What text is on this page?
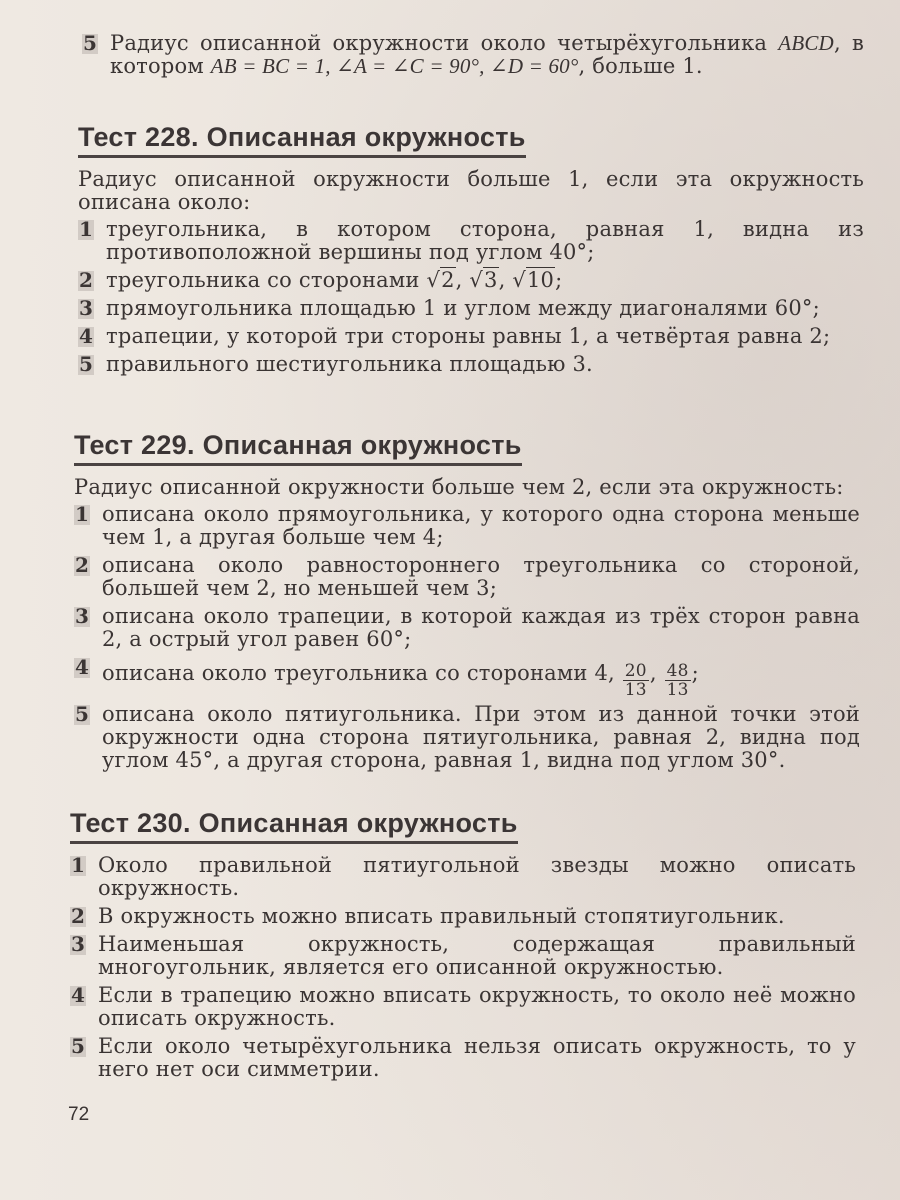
5 Радиус описанной окружности около четырёхугольника ABCD, в котором AB = BC = 1, ∠A = ∠C = 90°, ∠D = 60°, больше 1.
Тест 228. Описанная окружность
Радиус описанной окружности больше 1, если эта окружность описана около:
1 треугольника, в котором сторона, равная 1, видна из противоположной вершины под углом 40°;
2 треугольника со сторонами √2, √3, √10;
3 прямоугольника площадью 1 и углом между диагоналями 60°;
4 трапеции, у которой три стороны равны 1, а четвёртая равна 2;
5 правильного шестиугольника площадью 3.
Тест 229. Описанная окружность
Радиус описанной окружности больше чем 2, если эта окружность:
1 описана около прямоугольника, у которого одна сторона меньше чем 1, а другая больше чем 4;
2 описана около равностороннего треугольника со стороной, большей чем 2, но меньшей чем 3;
3 описана около трапеции, в которой каждая из трёх сторон равна 2, а острый угол равен 60°;
4 описана около треугольника со сторонами 4, $\frac{20}{13}$ , $\frac{48}{13}$ ;
5 описана около пятиугольника. При этом из данной точки этой окружности одна сторона пятиугольника, равная 2, видна под углом 45°, а другая сторона, равная 1, видна под углом 30°.
Тест 230. Описанная окружность
1 Около правильной пятиугольной звезды можно описать окружность.
2 В окружность можно вписать правильный стопятиугольник.
3 Наименьшая окружность, содержащая правильный многоугольник, является его описанной окружностью.
4 Если в трапецию можно вписать окружность, то около неё можно описать окружность.
5 Если около четырёхугольника нельзя описать окружность, то у него нет оси симметрии.
72
